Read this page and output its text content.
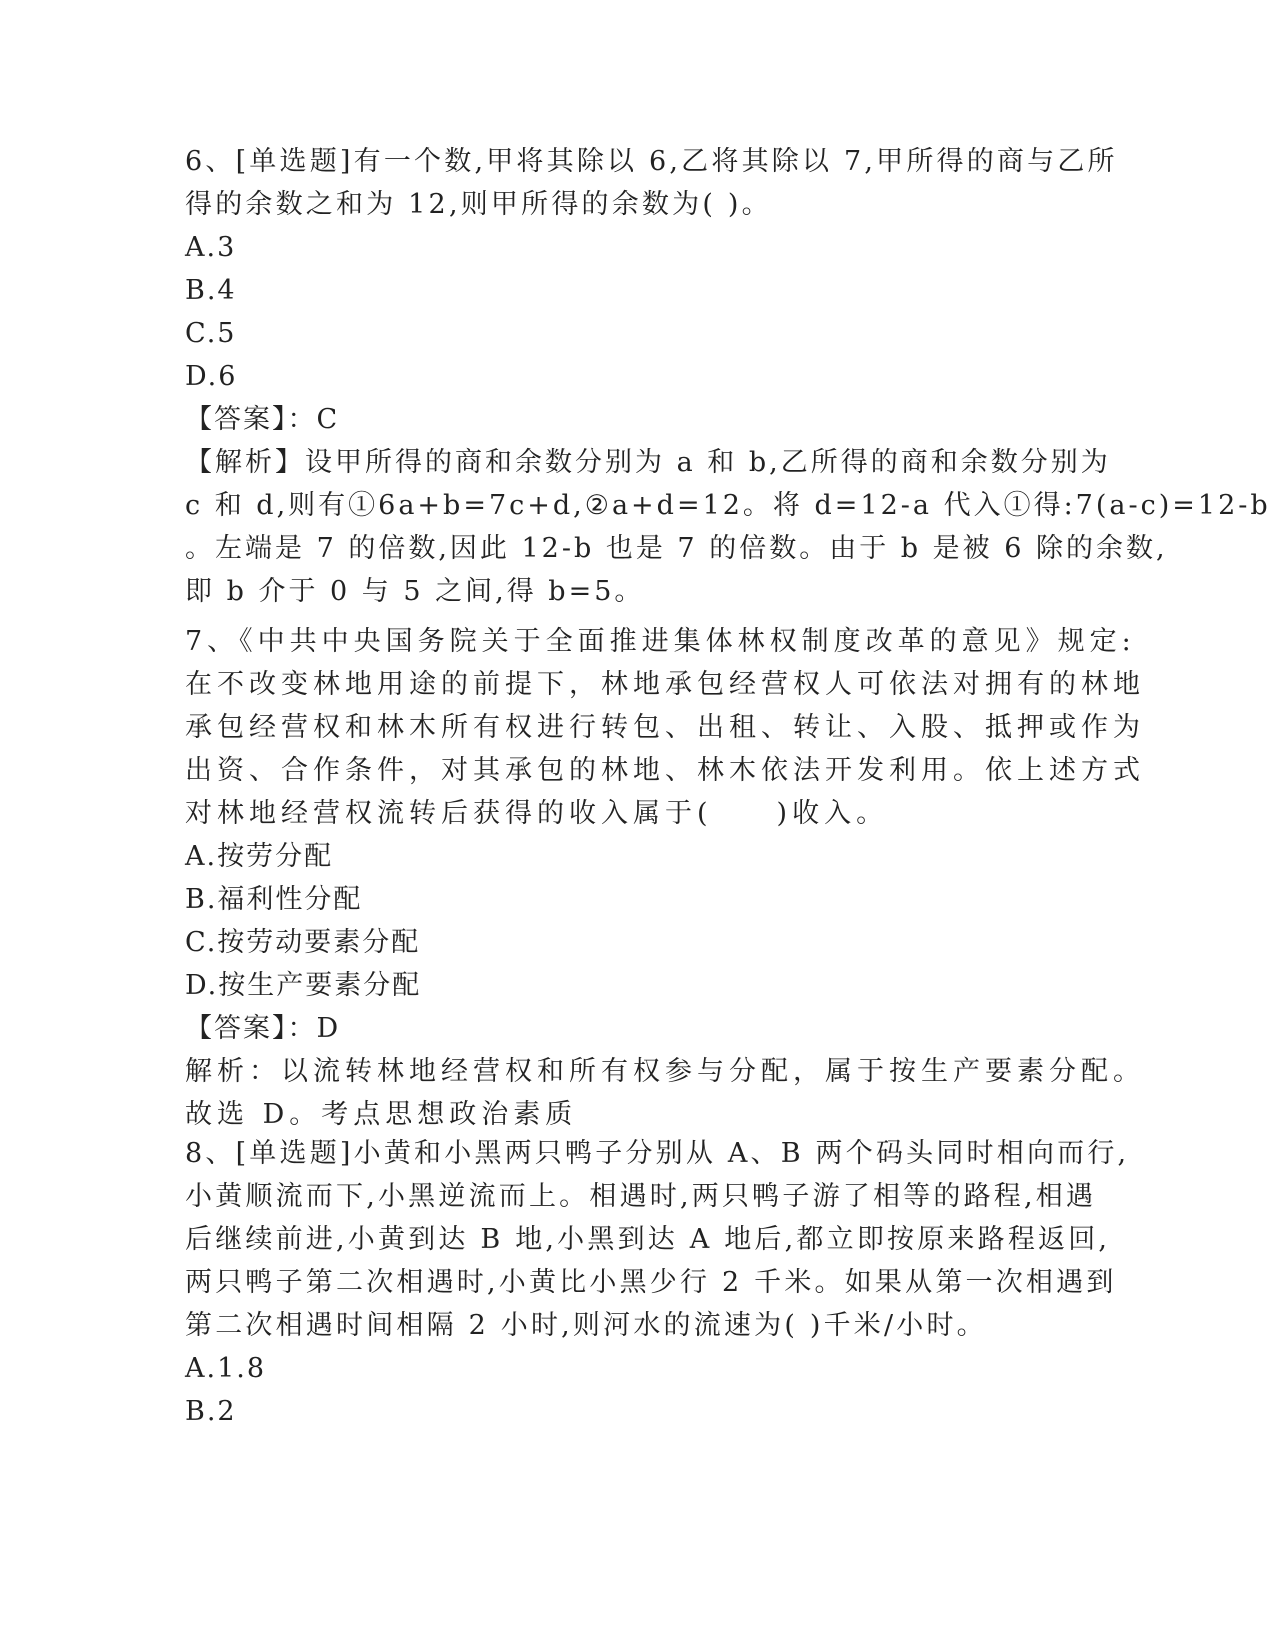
6、[单选题]有一个数,甲将其除以 6,乙将其除以 7,甲所得的商与乙所
得的余数之和为 12,则甲所得的余数为( )。
A.3
B.4
C.5
D.6
【答案】：C
【解析】设甲所得的商和余数分别为 a 和 b,乙所得的商和余数分别为
c 和 d,则有①6a+b=7c+d,②a+d=12。将 d=12-a 代入①得:7(a-c)=12-b
。左端是 7 的倍数,因此 12-b 也是 7 的倍数。由于 b 是被 6 除的余数,
即 b 介于 0 与 5 之间,得 b=5。
7、《中共中央国务院关于全面推进集体林权制度改革的意见》规定:
在不改变林地用途的前提下，林地承包经营权人可依法对拥有的林地
承包经营权和林木所有权进行转包、出租、转让、入股、抵押或作为
出资、合作条件，对其承包的林地、林木依法开发利用。依上述方式
对林地经营权流转后获得的收入属于(　　)收入。
A.按劳分配
B.福利性分配
C.按劳动要素分配
D.按生产要素分配
【答案】：D
解析：以流转林地经营权和所有权参与分配，属于按生产要素分配。
故选 D。考点思想政治素质
8、[单选题]小黄和小黑两只鸭子分别从 A、B 两个码头同时相向而行,
小黄顺流而下,小黑逆流而上。相遇时,两只鸭子游了相等的路程,相遇
后继续前进,小黄到达 B 地,小黑到达 A 地后,都立即按原来路程返回,
两只鸭子第二次相遇时,小黄比小黑少行 2 千米。如果从第一次相遇到
第二次相遇时间相隔 2 小时,则河水的流速为( )千米/小时。
A.1.8
B.2
